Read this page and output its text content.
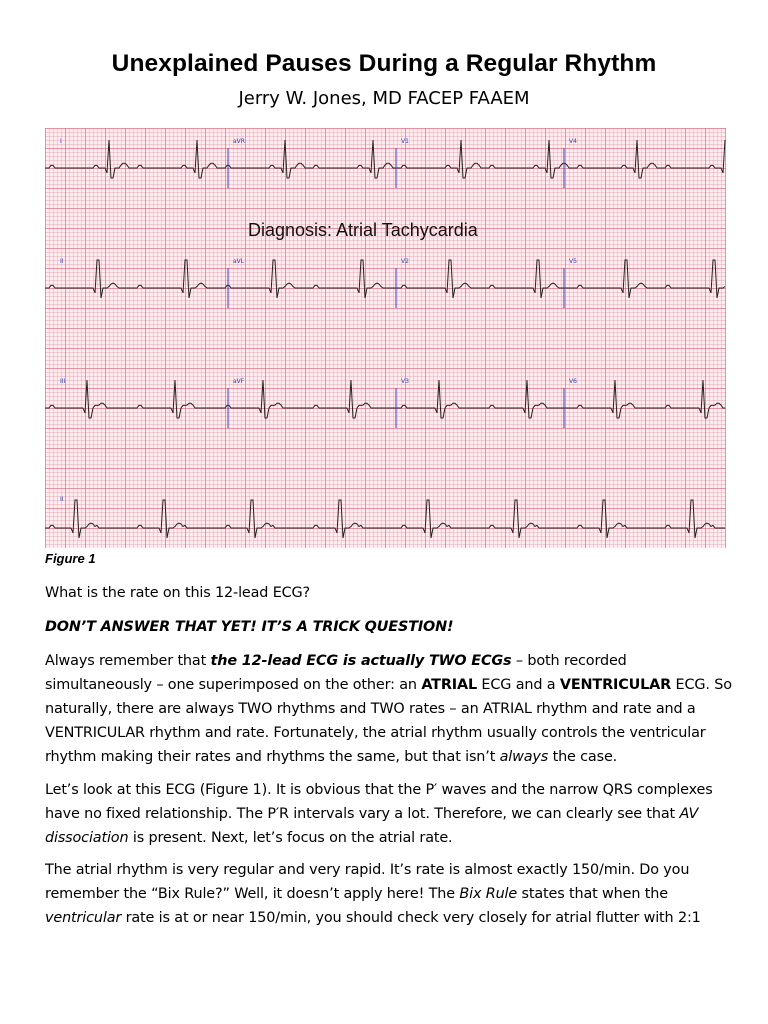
Unexplained Pauses During a Regular Rhythm
Jerry W. Jones, MD FACEP FAAEM
I	aVR	V1	V4
II	aVL	V2	V5
III	aVF	V3	V6
II
Diagnosis: Atrial Tachycardia
Figure 1

What is the rate on this 12-lead ECG?

DON’T ANSWER THAT YET! IT’S A TRICK QUESTION!

Always remember that the 12-lead ECG is actually TWO ECGs – both recorded simultaneously – one superimposed on the other: an ATRIAL ECG and a VENTRICULAR ECG. So naturally, there are always TWO rhythms and TWO rates – an ATRIAL rhythm and rate and a VENTRICULAR rhythm and rate. Fortunately, the atrial rhythm usually controls the ventricular rhythm making their rates and rhythms the same, but that isn’t always the case.

Let’s look at this ECG (Figure 1). It is obvious that the P′ waves and the narrow QRS complexes have no fixed relationship. The P′R intervals vary a lot. Therefore, we can clearly see that AV dissociation is present. Next, let’s focus on the atrial rate.

The atrial rhythm is very regular and very rapid. It’s rate is almost exactly 150/min. Do you remember the “Bix Rule?” Well, it doesn’t apply here! The Bix Rule states that when the ventricular rate is at or near 150/min, you should check very closely for atrial flutter with 2:1
